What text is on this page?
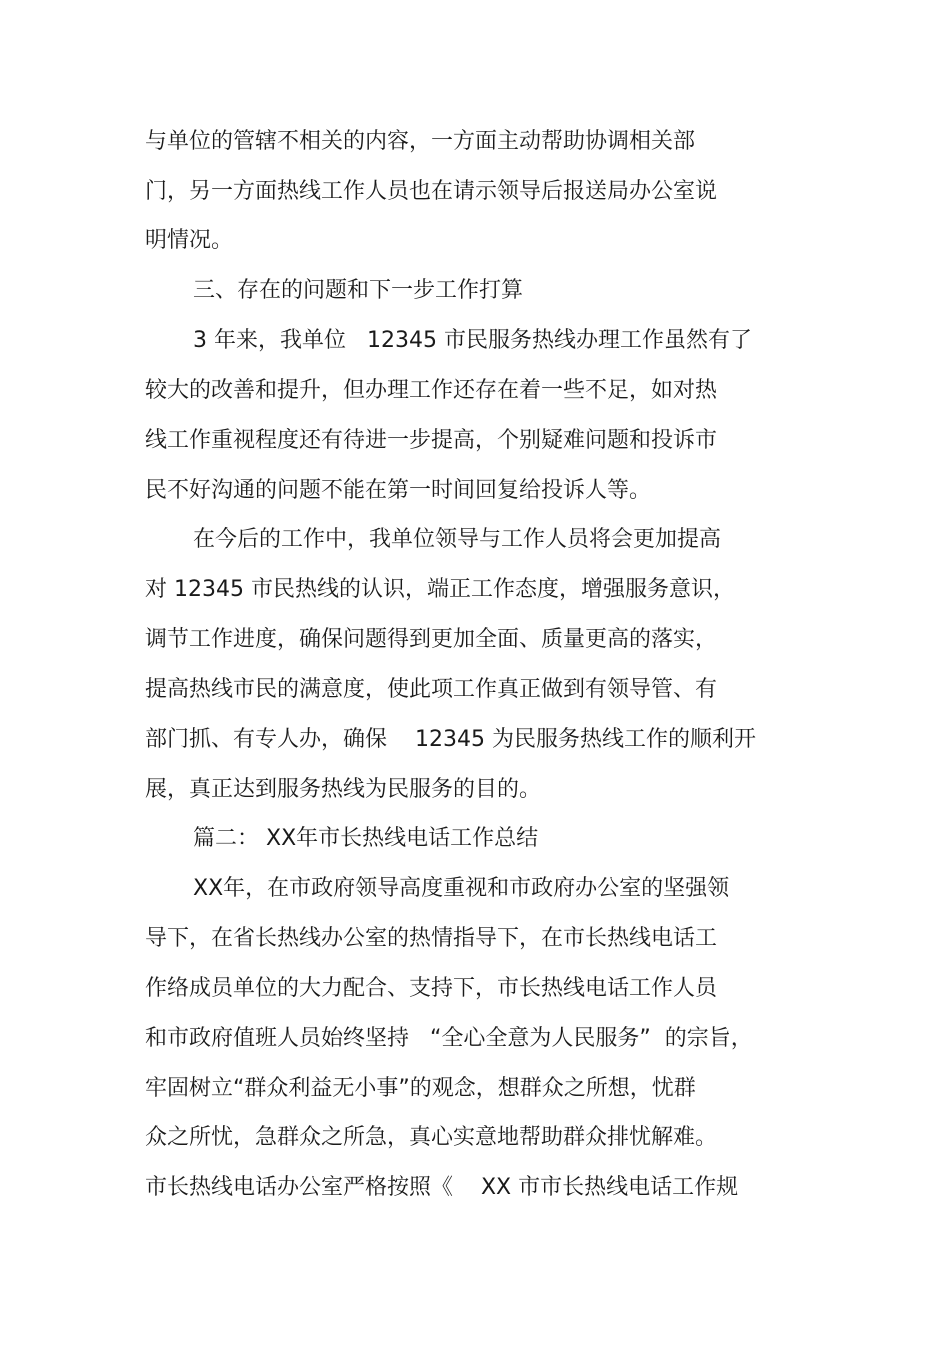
与单位的管辖不相关的内容，一方面主动帮助协调相关部

门，另一方面热线工作人员也在请示领导后报送局办公室说

明情况。

三、存在的问题和下一步工作打算

3 年来，我单位   12345 市民服务热线办理工作虽然有了

较大的改善和提升，但办理工作还存在着一些不足，如对热

线工作重视程度还有待进一步提高，个别疑难问题和投诉市

民不好沟通的问题不能在第一时间回复给投诉人等。

在今后的工作中，我单位领导与工作人员将会更加提高

对 12345 市民热线的认识，端正工作态度，增强服务意识，

调节工作进度，确保问题得到更加全面、质量更高的落实，

提高热线市民的满意度，使此项工作真正做到有领导管、有

部门抓、有专人办，确保    12345 为民服务热线工作的顺利开

展，真正达到服务热线为民服务的目的。

篇二： XX年市长热线电话工作总结

XX年，在市政府领导高度重视和市政府办公室的坚强领

导下，在省长热线办公室的热情指导下，在市长热线电话工

作络成员单位的大力配合、支持下，市长热线电话工作人员

和市政府值班人员始终坚持   “全心全意为人民服务”  的宗旨，

牢固树立“群众利益无小事”的观念，想群众之所想，忧群

众之所忧，急群众之所急，真心实意地帮助群众排忧解难。

市长热线电话办公室严格按照《    XX 市市长热线电话工作规
